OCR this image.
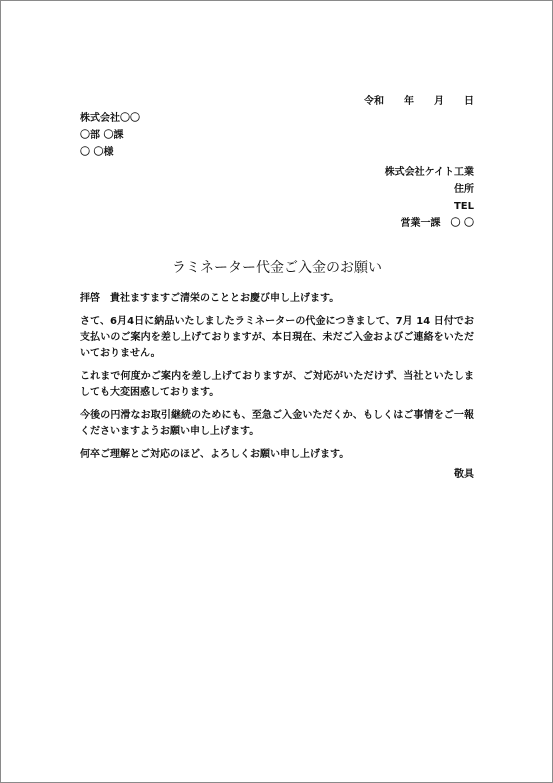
令和　　年　　月　　日
株式会社〇〇
〇部 〇課
〇 〇様
株式会社ケイト工業
住所
TEL
営業一課　〇 〇
ラミネーター代金ご入金のお願い

拝啓　貴社ますますご清栄のこととお慶び申し上げます。

さて、6月4日に納品いたしましたラミネーターの代金につきまして、7月 14 日付でお支払いのご案内を差し上げておりますが、本日現在、未だご入金およびご連絡をいただいておりません。

これまで何度かご案内を差し上げておりますが、ご対応がいただけず、当社といたしましても大変困惑しております。

今後の円滑なお取引継続のためにも、至急ご入金いただくか、もしくはご事情をご一報くださいますようお願い申し上げます。

何卒ご理解とご対応のほど、よろしくお願い申し上げます。

敬具
